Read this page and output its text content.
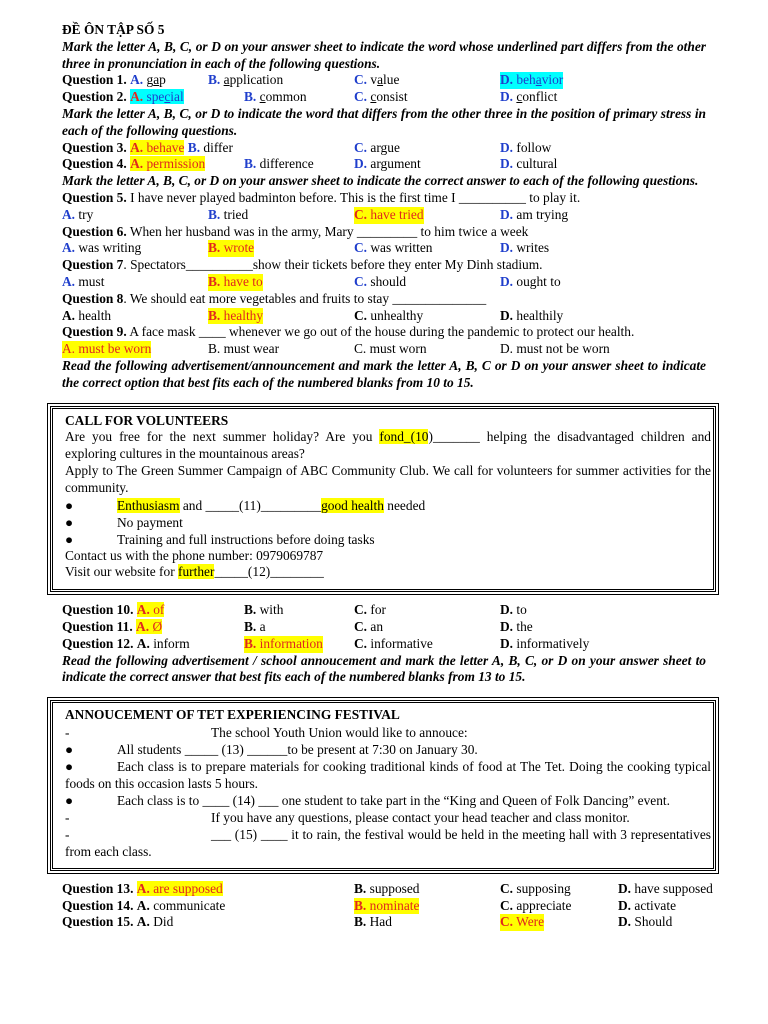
ĐỀ ÔN TẬP SỐ 5
Mark the letter A, B, C, or D on your answer sheet to indicate the word whose underlined part differs from the other three in pronunciation in each of the following questions.
Question 1. A. gap	B. application	C. value	D. behavior
Question 2. A. special	B. common	C. consist	D. conflict
Mark the letter A, B, C, or D to indicate the word that differs from the other three in the position of primary stress in each of the following questions.
Question 3. A. behave B. differ	C. argue	D. follow
Question 4. A. permission	B. difference	D. argument	D. cultural
Mark the letter A, B, C, or D on your answer sheet to indicate the correct answer to each of the following questions.
Question 5. I have never played badminton before. This is the first time I __________ to play it.
A. try	B. tried	C. have tried	D. am trying
Question 6. When her husband was in the army, Mary _________ to him twice a week
A. was writing	B. wrote	C. was written	D. writes
Question 7. Spectators__________show their tickets before they enter My Dinh stadium.
A. must	B. have to	C. should	D. ought to
Question 8. We should eat more vegetables and fruits to stay ______________
A. health	B. healthy	C. unhealthy	D. healthily
Question 9. A face mask ____ whenever we go out of the house during the pandemic to protect our health.
A. must be worn	B. must wear	C. must worn	D. must not be worn
Read the following advertisement/announcement and mark the letter A, B, C or D on your answer sheet to indicate the correct option that best fits each of the numbered blanks from 10 to 15.
CALL FOR VOLUNTEERS
Are you free for the next summer holiday? Are you fond_(10)_______ helping the disadvantaged children and exploring cultures in the mountainous areas?
Apply to The Green Summer Campaign of ABC Community Club. We call for volunteers for summer activities for the community.
●	Enthusiasm and _____(11)_________good health needed
●	No payment
●	Training and full instructions before doing tasks
Contact us with the phone number: 0979069787
Visit our website for further_____(12)________
Question 10. A. of	B. with	C. for	D. to
Question 11. A. Ø	B. a	C. an	D. the
Question 12. A. inform	B. information C. informative	D. informatively
Read the following advertisement / school annoucement and mark the letter A, B, C, or D on your answer sheet to indicate the correct answer that best fits each of the numbered blanks from 13 to 15.
ANNOUCEMENT OF TET EXPERIENCING FESTIVAL
-	The school Youth Union would like to annouce:
●	All students _____ (13) ______to be present at 7:30 on January 30.
●	Each class is to prepare materials for cooking traditional kinds of food at The Tet. Doing the cooking typical foods on this occasion lasts 5 hours.
●	Each class is to ____ (14) ___ one student to take part in the “King and Queen of Folk Dancing” event.
-	If you have any questions, please contact your head teacher and class monitor.
-	___ (15) ____ it to rain, the festival would be held in the meeting hall with 3 representatives from each class.
Question 13. A. are supposed	B. supposed	C. supposing	D. have supposed
Question 14. A. communicate	B. nominate	C. appreciate	D. activate
Question 15. A. Did	B. Had	C. Were	D. Should
